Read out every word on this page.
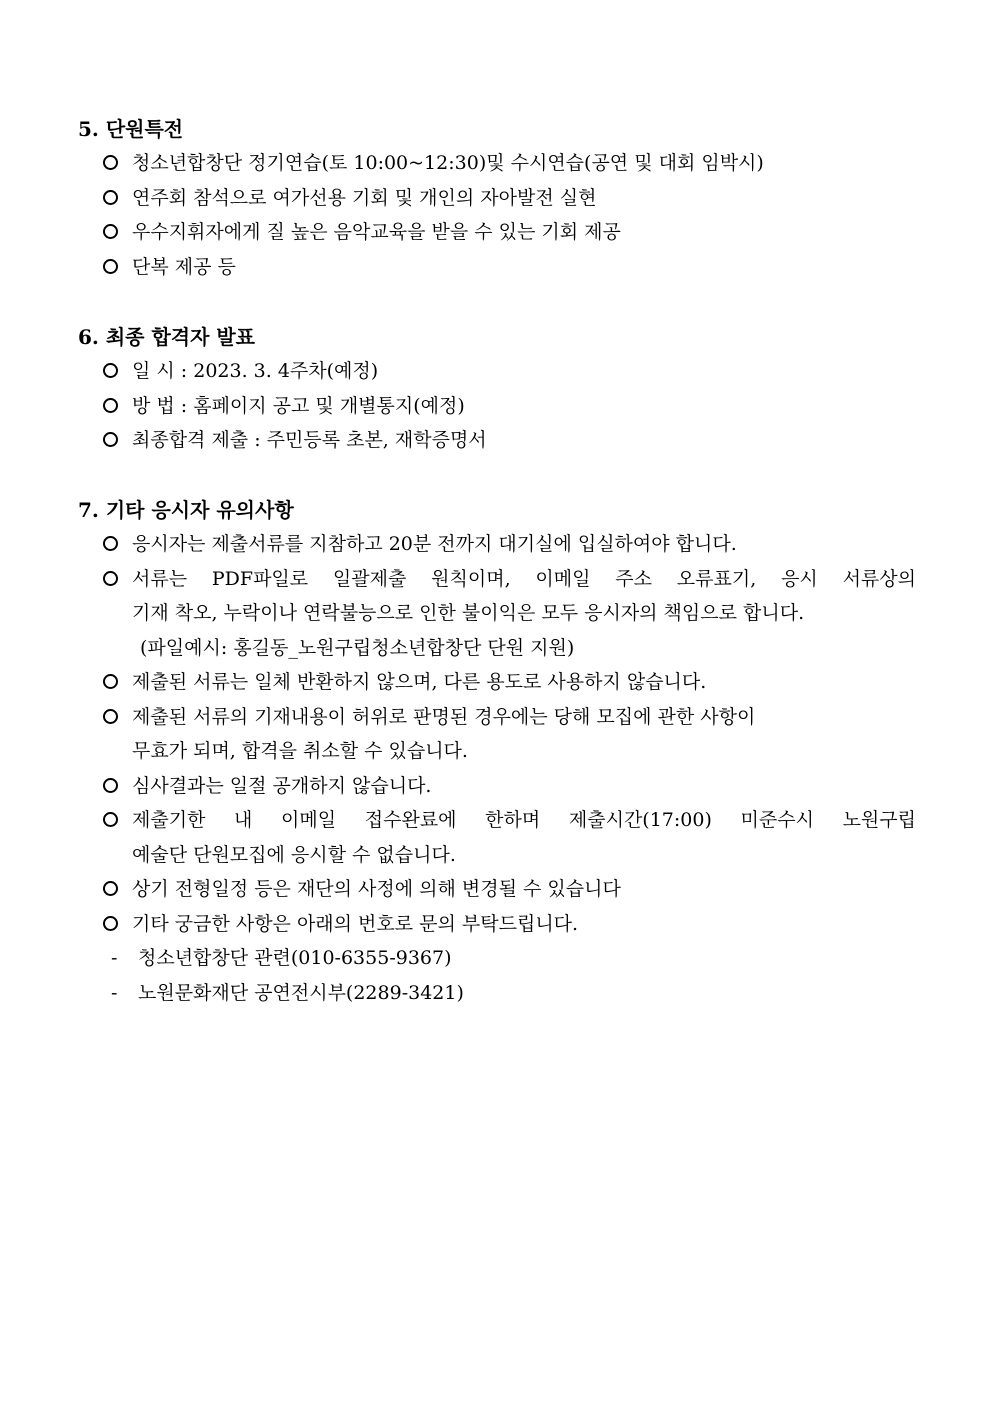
5. 단원특전
청소년합창단 정기연습(토 10:00~12:30)및 수시연습(공연 및 대회 임박시)
연주회 참석으로 여가선용 기회 및 개인의 자아발전 실현
우수지휘자에게 질 높은 음악교육을 받을 수 있는 기회 제공
단복 제공 등
6. 최종 합격자 발표
일 시 : 2023. 3. 4주차(예정)
방 법 : 홈페이지 공고 및 개별통지(예정)
최종합격 제출 : 주민등록 초본, 재학증명서
7. 기타 응시자 유의사항
응시자는 제출서류를 지참하고 20분 전까지 대기실에 입실하여야 합니다.
서류는 PDF파일로 일괄제출 원칙이며, 이메일 주소 오류표기, 응시 서류상의
기재 착오, 누락이나 연락불능으로 인한 불이익은 모두 응시자의 책임으로 합니다.
(파일예시: 홍길동_노원구립청소년합창단 단원 지원)
제출된 서류는 일체 반환하지 않으며, 다른 용도로 사용하지 않습니다.
제출된 서류의 기재내용이 허위로 판명된 경우에는 당해 모집에 관한 사항이
무효가 되며, 합격을 취소할 수 있습니다.
심사결과는 일절 공개하지 않습니다.
제출기한 내 이메일 접수완료에 한하며 제출시간(17:00) 미준수시 노원구립
예술단 단원모집에 응시할 수 없습니다.
상기 전형일정 등은 재단의 사정에 의해 변경될 수 있습니다
기타 궁금한 사항은 아래의 번호로 문의 부탁드립니다.
- 청소년합창단 관련(010-6355-9367)
- 노원문화재단 공연전시부(2289-3421)
